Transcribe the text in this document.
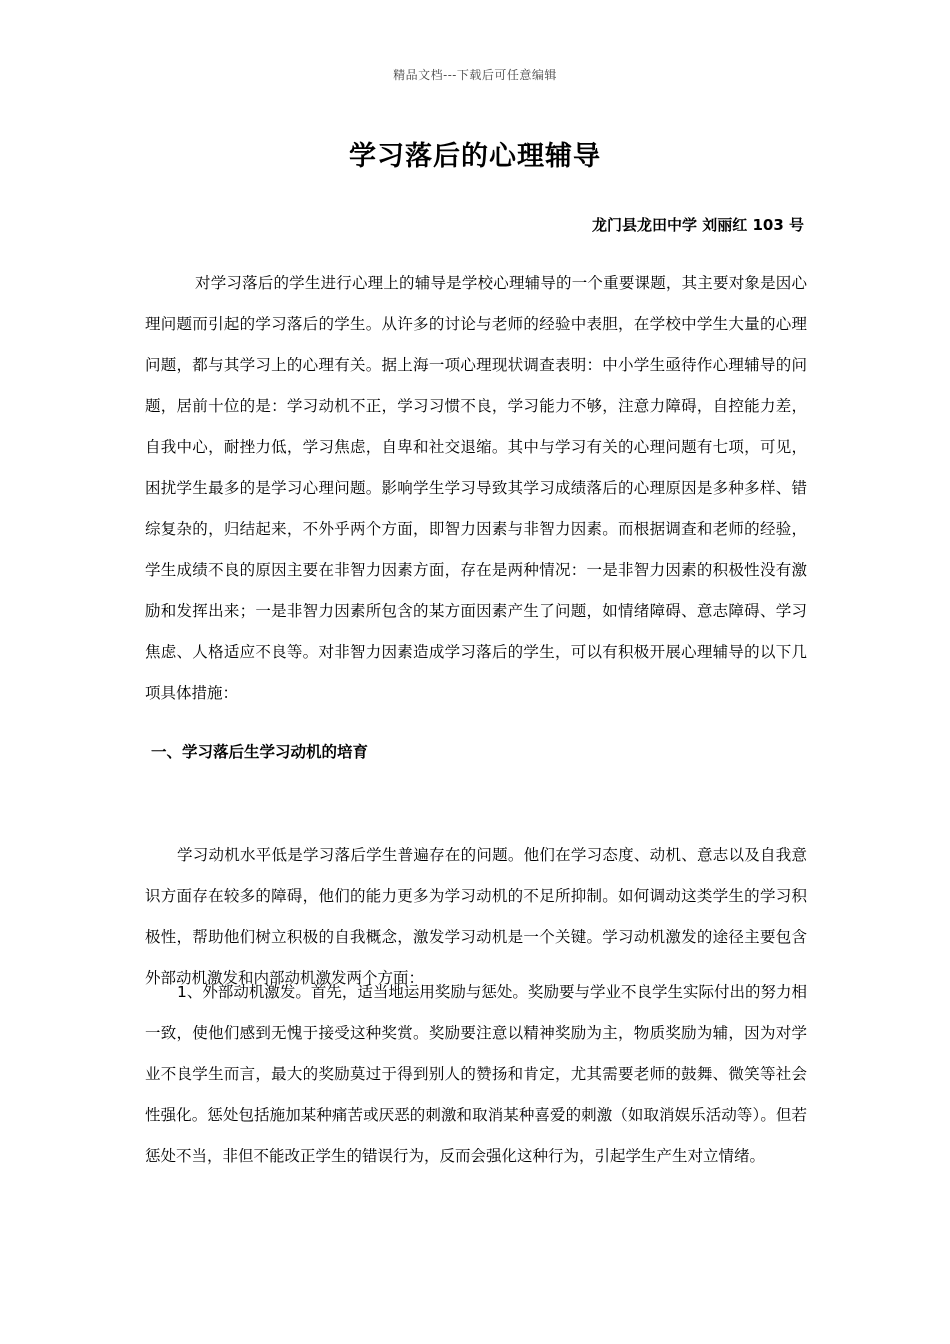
精品文档---下载后可任意编辑
学习落后的心理辅导
龙门县龙田中学 刘丽红 103 号

对学习落后的学生进行心理上的辅导是学校心理辅导的一个重要课题，其主要对象是因心理问题而引起的学习落后的学生。从许多的讨论与老师的经验中表胆，在学校中学生大量的心理问题，都与其学习上的心理有关。据上海一项心理现状调查表明：中小学生亟待作心理辅导的问题，居前十位的是：学习动机不正，学习习惯不良，学习能力不够，注意力障碍，自控能力差，自我中心，耐挫力低，学习焦虑，自卑和社交退缩。其中与学习有关的心理问题有七项，可见，困扰学生最多的是学习心理问题。影响学生学习导致其学习成绩落后的心理原因是多种多样、错综复杂的，归结起来，不外乎两个方面，即智力因素与非智力因素。而根据调查和老师的经验，学生成绩不良的原因主要在非智力因素方面，存在是两种情况：一是非智力因素的积极性没有激励和发挥出来；一是非智力因素所包含的某方面因素产生了问题，如情绪障碍、意志障碍、学习焦虑、人格适应不良等。对非智力因素造成学习落后的学生，可以有积极开展心理辅导的以下几项具体措施：

一、学习落后生学习动机的培育

学习动机水平低是学习落后学生普遍存在的问题。他们在学习态度、动机、意志以及自我意识方面存在较多的障碍，他们的能力更多为学习动机的不足所抑制。如何调动这类学生的学习积极性，帮助他们树立积极的自我概念，激发学习动机是一个关键。学习动机激发的途径主要包含外部动机激发和内部动机激发两个方面：

1、外部动机激发。首先，适当地运用奖励与惩处。奖励要与学业不良学生实际付出的努力相一致，使他们感到无愧于接受这种奖赏。奖励要注意以精神奖励为主，物质奖励为辅，因为对学业不良学生而言，最大的奖励莫过于得到别人的赞扬和肯定，尤其需要老师的鼓舞、微笑等社会性强化。惩处包括施加某种痛苦或厌恶的刺激和取消某种喜爱的刺激（如取消娱乐活动等）。但若惩处不当，非但不能改正学生的错误行为，反而会强化这种行为，引起学生产生对立情绪。
